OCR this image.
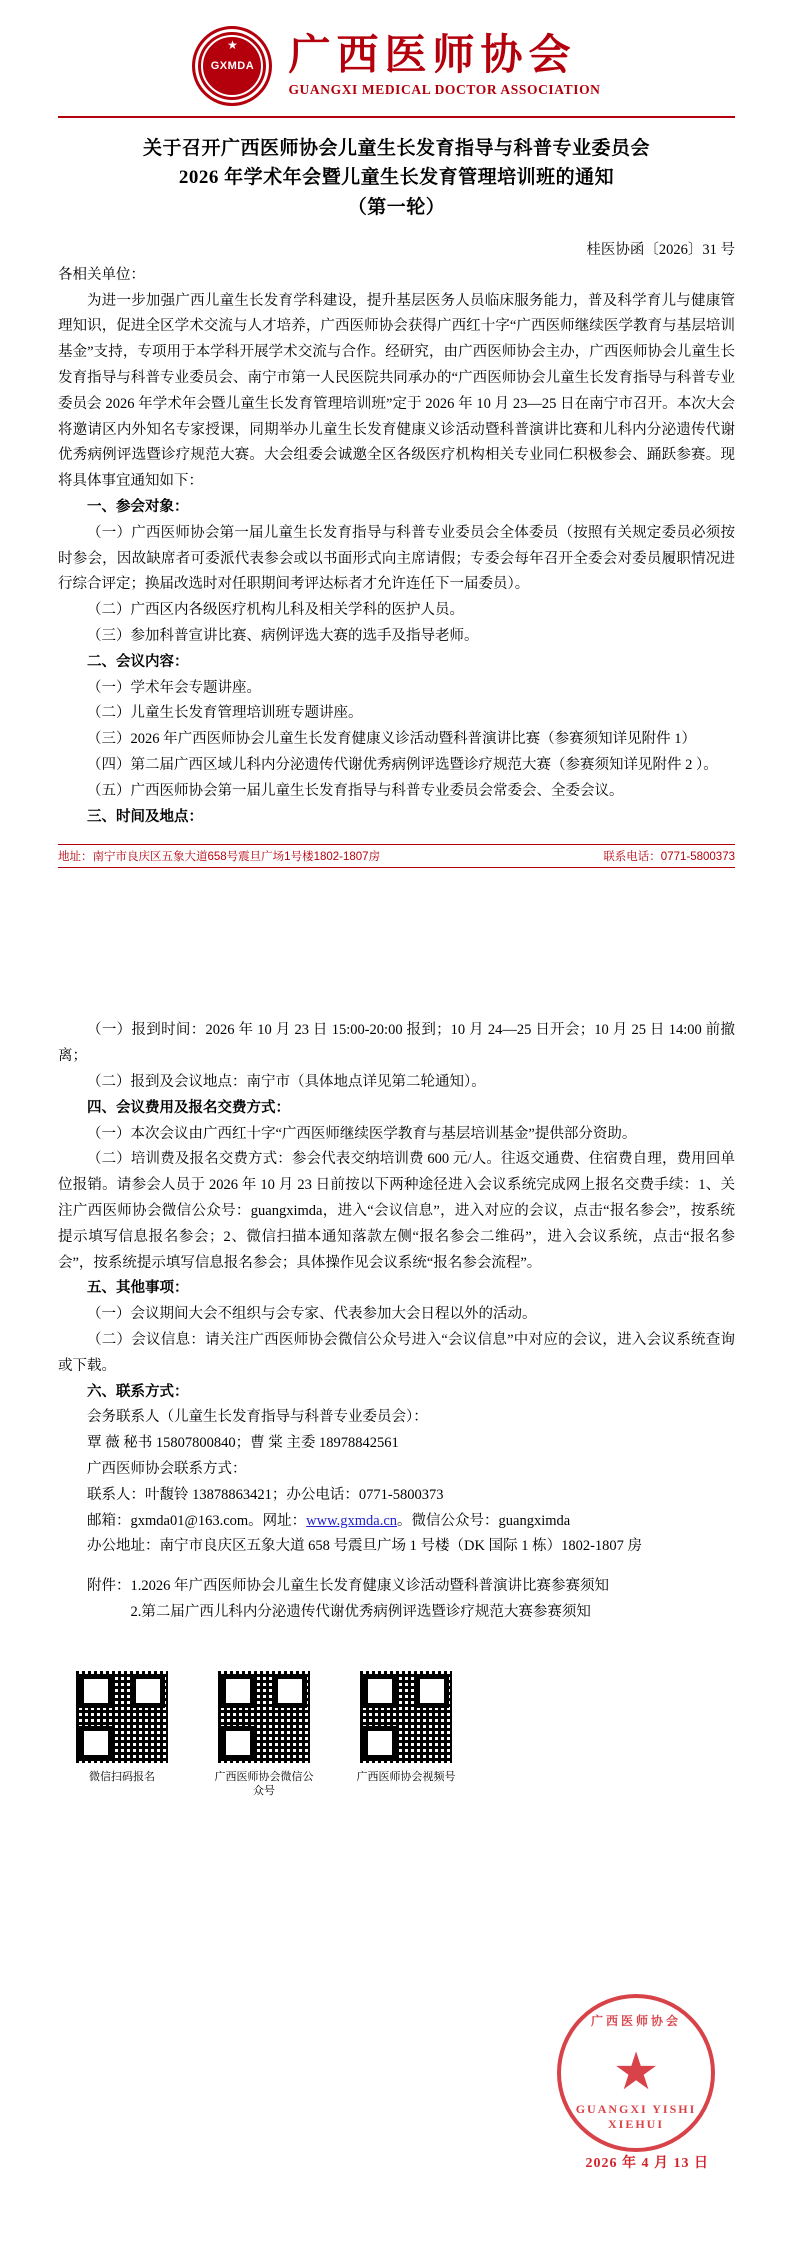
★
GXMDA 广西医师协会
GUANGXI MEDICAL DOCTOR ASSOCIATION
关于召开广西医师协会儿童生长发育指导与科普专业委员会
2026 年学术年会暨儿童生长发育管理培训班的通知
（第一轮）
桂医协函〔2026〕31 号
各相关单位：

为进一步加强广西儿童生长发育学科建设，提升基层医务人员临床服务能力，普及科学育儿与健康管理知识，促进全区学术交流与人才培养，广西医师协会获得广西红十字“广西医师继续医学教育与基层培训基金”支持，专项用于本学科开展学术交流与合作。经研究，由广西医师协会主办，广西医师协会儿童生长发育指导与科普专业委员会、南宁市第一人民医院共同承办的“广西医师协会儿童生长发育指导与科普专业委员会 2026 年学术年会暨儿童生长发育管理培训班”定于 2026 年 10 月 23—25 日在南宁市召开。本次大会将邀请区内外知名专家授课，同期举办儿童生长发育健康义诊活动暨科普演讲比赛和儿科内分泌遗传代谢优秀病例评选暨诊疗规范大赛。大会组委会诚邀全区各级医疗机构相关专业同仁积极参会、踊跃参赛。现将具体事宜通知如下：

一、参会对象：

（一）广西医师协会第一届儿童生长发育指导与科普专业委员会全体委员（按照有关规定委员必须按时参会，因故缺席者可委派代表参会或以书面形式向主席请假；专委会每年召开全委会对委员履职情况进行综合评定；换届改选时对任职期间考评达标者才允许连任下一届委员）。

（二）广西区内各级医疗机构儿科及相关学科的医护人员。

（三）参加科普宣讲比赛、病例评选大赛的选手及指导老师。

二、会议内容：

（一）学术年会专题讲座。

（二）儿童生长发育管理培训班专题讲座。

（三）2026 年广西医师协会儿童生长发育健康义诊活动暨科普演讲比赛（参赛须知详见附件 1）

（四）第二届广西区域儿科内分泌遗传代谢优秀病例评选暨诊疗规范大赛（参赛须知详见附件 2 ）。

（五）广西医师协会第一届儿童生长发育指导与科普专业委员会常委会、全委会议。

三、时间及地点：

地址：南宁市良庆区五象大道658号震旦广场1号楼1802-1807房	联系电话：0771-5800373

（一）报到时间：2026 年 10 月 23 日 15:00-20:00 报到；10 月 24—25 日开会；10 月 25 日 14:00 前撤离；

（二）报到及会议地点：南宁市（具体地点详见第二轮通知）。

四、会议费用及报名交费方式：

（一）本次会议由广西红十字“广西医师继续医学教育与基层培训基金”提供部分资助。

（二）培训费及报名交费方式：参会代表交纳培训费 600 元/人。往返交通费、住宿费自理，费用回单位报销。请参会人员于 2026 年 10 月 23 日前按以下两种途径进入会议系统完成网上报名交费手续：1、关注广西医师协会微信公众号：guangximda，进入“会议信息”，进入对应的会议，点击“报名参会”，按系统提示填写信息报名参会；2、微信扫描本通知落款左侧“报名参会二维码”，进入会议系统，点击“报名参会”，按系统提示填写信息报名参会；具体操作见会议系统“报名参会流程”。

五、其他事项：

（一）会议期间大会不组织与会专家、代表参加大会日程以外的活动。

（二）会议信息：请关注广西医师协会微信公众号进入“会议信息”中对应的会议，进入会议系统查询或下载。

六、联系方式：

会务联系人（儿童生长发育指导与科普专业委员会）：

覃 薇 秘书 15807800840；曹 棠 主委 18978842561

广西医师协会联系方式：

联系人：叶馥铃 13878863421；办公电话：0771-5800373

邮箱：gxmda01@163.com。网址：www.gxmda.cn。微信公众号：guangximda

办公地址：南宁市良庆区五象大道 658 号震旦广场 1 号楼（DK 国际 1 栋）1802-1807 房

附件：1.2026 年广西医师协会儿童生长发育健康义诊活动暨科普演讲比赛参赛须知

2.第二届广西儿科内分泌遗传代谢优秀病例评选暨诊疗规范大赛参赛须知

微信扫码报名	广西医师协会微信公众号
广西医师协会视频号
广西医师协会
★
GUANGXI YISHI XIEHUI
2026 年 4 月 13 日
